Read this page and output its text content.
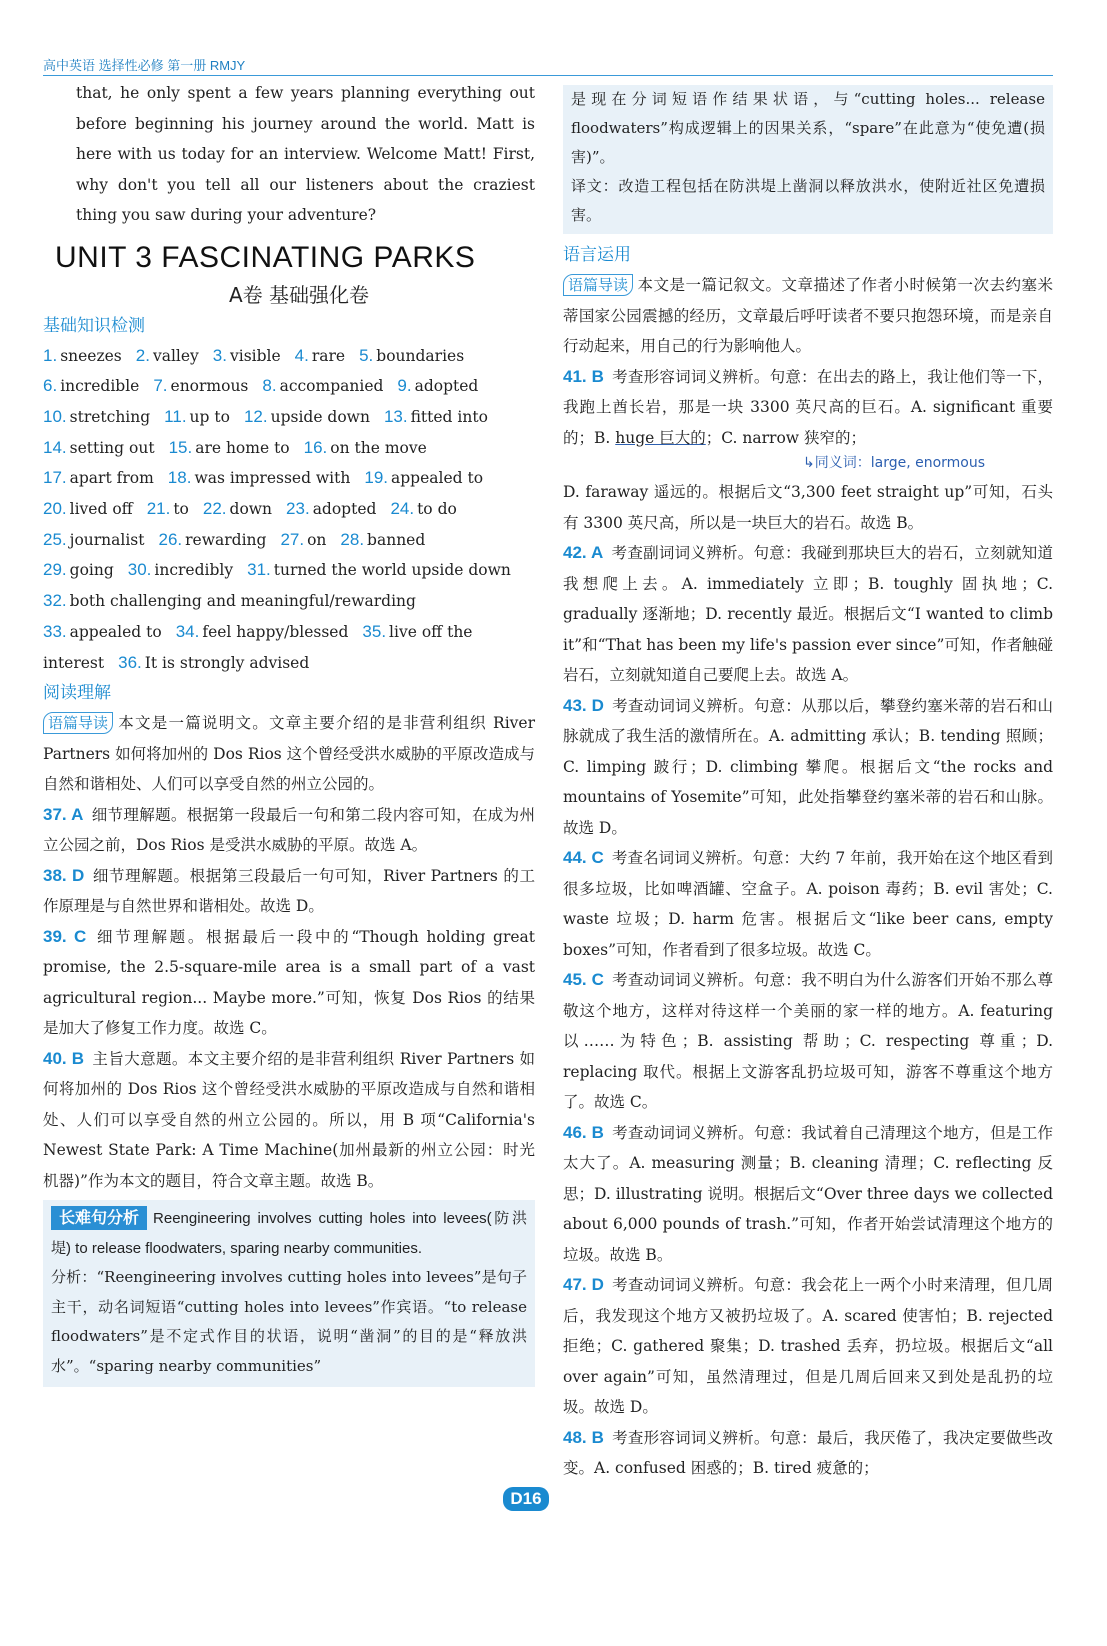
高中英语 选择性必修 第一册 RMJY

that, he only spent a few years planning everything out before beginning his journey around the world. Matt is here with us today for an interview. Welcome Matt! First, why don't you tell all our listeners about the craziest thing you saw during your adventure?

UNIT 3 FASCINATING PARKS
A卷 基础强化卷
基础知识检测
1. sneezes 2. valley 3. visible 4. rare 5. boundaries
6. incredible 7. enormous 8. accompanied 9. adopted
10. stretching 11. up to 12. upside down 13. fitted into
14. setting out 15. are home to 16. on the move
17. apart from 18. was impressed with 19. appealed to
20. lived off 21. to 22. down 23. adopted 24. to do
25. journalist 26. rewarding 27. on 28. banned
29. going 30. incredibly 31. turned the world upside down
32. both challenging and meaningful/rewarding
33. appealed to 34. feel happy/blessed 35. live off the
interest 36. It is strongly advised
阅读理解

语篇导读 本文是一篇说明文。文章主要介绍的是非营利组织 River Partners 如何将加州的 Dos Rios 这个曾经受洪水威胁的平原改造成与自然和谐相处、人们可以享受自然的州立公园的。

37. A 细节理解题。根据第一段最后一句和第二段内容可知，在成为州立公园之前，Dos Rios 是受洪水威胁的平原。故选 A。

38. D 细节理解题。根据第三段最后一句可知，River Partners 的工作原理是与自然世界和谐相处。故选 D。

39. C 细节理解题。根据最后一段中的“Though holding great promise, the 2.5-square-mile area is a small part of a vast agricultural region... Maybe more.”可知，恢复 Dos Rios 的结果是加大了修复工作力度。故选 C。

40. B 主旨大意题。本文主要介绍的是非营利组织 River Partners 如何将加州的 Dos Rios 这个曾经受洪水威胁的平原改造成与自然和谐相处、人们可以享受自然的州立公园的。所以，用 B 项“California's Newest State Park: A Time Machine(加州最新的州立公园：时光机器)”作为本文的题目，符合文章主题。故选 B。

长难句分析 Reengineering involves cutting holes into levees(防洪堤) to release floodwaters, sparing nearby communities.

分析：“Reengineering involves cutting holes into levees”是句子主干，动名词短语“cutting holes into levees”作宾语。“to release floodwaters”是不定式作目的状语，说明“凿洞”的目的是“释放洪水”。“sparing nearby communities”

是现在分词短语作结果状语，与“cutting holes... release floodwaters”构成逻辑上的因果关系，“spare”在此意为“使免遭(损害)”。

译文：改造工程包括在防洪堤上凿洞以释放洪水，使附近社区免遭损害。

语言运用

语篇导读 本文是一篇记叙文。文章描述了作者小时候第一次去约塞米蒂国家公园震撼的经历，文章最后呼吁读者不要只抱怨环境，而是亲自行动起来，用自己的行为影响他人。

41. B 考查形容词词义辨析。句意：在出去的路上，我让他们等一下，我跑上酋长岩，那是一块 3300 英尺高的巨石。A. significant 重要的；B. huge 巨大的；C. narrow 狭窄的；

↳同义词：large, enormous

D. faraway 遥远的。根据后文“3,300 feet straight up”可知，石头有 3300 英尺高，所以是一块巨大的岩石。故选 B。

42. A 考查副词词义辨析。句意：我碰到那块巨大的岩石，立刻就知道我想爬上去。A. immediately 立即；B. toughly 固执地；C. gradually 逐渐地；D. recently 最近。根据后文“I wanted to climb it”和“That has been my life's passion ever since”可知，作者触碰岩石，立刻就知道自己要爬上去。故选 A。

43. D 考查动词词义辨析。句意：从那以后，攀登约塞米蒂的岩石和山脉就成了我生活的激情所在。A. admitting 承认；B. tending 照顾；C. limping 跛行；D. climbing 攀爬。根据后文“the rocks and mountains of Yosemite”可知，此处指攀登约塞米蒂的岩石和山脉。故选 D。

44. C 考查名词词义辨析。句意：大约 7 年前，我开始在这个地区看到很多垃圾，比如啤酒罐、空盒子。A. poison 毒药；B. evil 害处；C. waste 垃圾；D. harm 危害。根据后文“like beer cans, empty boxes”可知，作者看到了很多垃圾。故选 C。

45. C 考查动词词义辨析。句意：我不明白为什么游客们开始不那么尊敬这个地方，这样对待这样一个美丽的家一样的地方。A. featuring 以……为特色；B. assisting 帮助；C. respecting 尊重；D. replacing 取代。根据上文游客乱扔垃圾可知，游客不尊重这个地方了。故选 C。

46. B 考查动词词义辨析。句意：我试着自己清理这个地方，但是工作太大了。A. measuring 测量；B. cleaning 清理；C. reflecting 反思；D. illustrating 说明。根据后文“Over three days we collected about 6,000 pounds of trash.”可知，作者开始尝试清理这个地方的垃圾。故选 B。

47. D 考查动词词义辨析。句意：我会花上一两个小时来清理，但几周后，我发现这个地方又被扔垃圾了。A. scared 使害怕；B. rejected 拒绝；C. gathered 聚集；D. trashed 丢弃，扔垃圾。根据后文“all over again”可知，虽然清理过，但是几周后回来又到处是乱扔的垃圾。故选 D。

48. B 考查形容词词义辨析。句意：最后，我厌倦了，我决定要做些改变。A. confused 困惑的；B. tired 疲惫的；

D16
